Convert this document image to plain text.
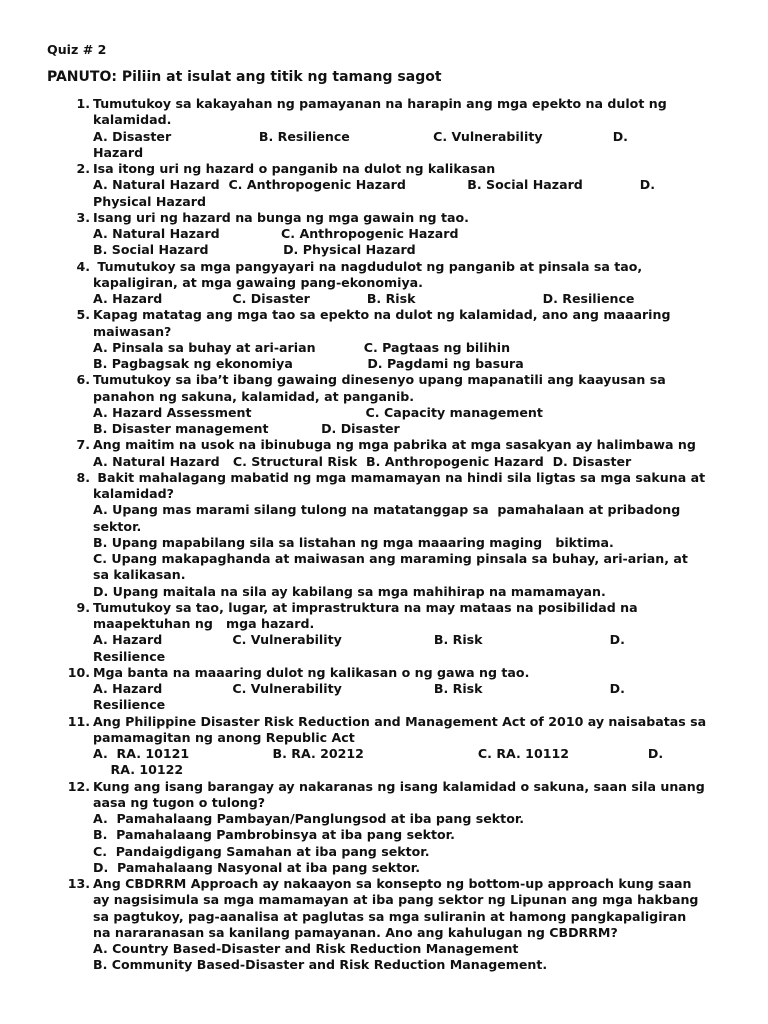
Quiz # 2
PANUTO: Piliin at isulat ang titik ng tamang sagot
1. Tumutukoy sa kakayahan ng pamayanan na harapin ang mga epekto na dulot ng
kalamidad.
A. Disaster                    B. Resilience                   C. Vulnerability                D.
Hazard
2. Isa itong uri ng hazard o panganib na dulot ng kalikasan
A. Natural Hazard  C. Anthropogenic Hazard              B. Social Hazard             D.
Physical Hazard
3. Isang uri ng hazard na bunga ng mga gawain ng tao.
A. Natural Hazard              C. Anthropogenic Hazard
B. Social Hazard                 D. Physical Hazard
4. Tumutukoy sa mga pangyayari na nagdudulot ng panganib at pinsala sa tao,
kapaligiran, at mga gawaing pang-ekonomiya.
A. Hazard                C. Disaster             B. Risk                             D. Resilience
5. Kapag matatag ang mga tao sa epekto na dulot ng kalamidad, ano ang maaaring
maiwasan?
A. Pinsala sa buhay at ari-arian           C. Pagtaas ng bilihin
B. Pagbagsak ng ekonomiya                 D. Pagdami ng basura
6. Tumutukoy sa iba’t ibang gawaing dinesenyo upang mapanatili ang kaayusan sa
panahon ng sakuna, kalamidad, at panganib.
A. Hazard Assessment                          C. Capacity management
B. Disaster management            D. Disaster
7. Ang maitim na usok na ibinubuga ng mga pabrika at mga sasakyan ay halimbawa ng
A. Natural Hazard   C. Structural Risk  B. Anthropogenic Hazard  D. Disaster
8. Bakit mahalagang mabatid ng mga mamamayan na hindi sila ligtas sa mga sakuna at
kalamidad?
A. Upang mas marami silang tulong na matatanggap sa  pamahalaan at pribadong
sektor.
B. Upang mapabilang sila sa listahan ng mga maaaring maging   biktima.
C. Upang makapaghanda at maiwasan ang maraming pinsala sa buhay, ari-arian, at
sa kalikasan.
D. Upang maitala na sila ay kabilang sa mga mahihirap na mamamayan.
9. Tumutukoy sa tao, lugar, at imprastruktura na may mataas na posibilidad na
maapektuhan ng   mga hazard.
A. Hazard                C. Vulnerability                     B. Risk                             D.
Resilience
10. Mga banta na maaaring dulot ng kalikasan o ng gawa ng tao.
A. Hazard                C. Vulnerability                     B. Risk                             D.
Resilience
11. Ang Philippine Disaster Risk Reduction and Management Act of 2010 ay naisabatas sa
pamamagitan ng anong Republic Act
A.  RA. 10121                   B. RA. 20212                          C. RA. 10112                  D.
RA. 10122
12. Kung ang isang barangay ay nakaranas ng isang kalamidad o sakuna, saan sila unang
aasa ng tugon o tulong?
A.  Pamahalaang Pambayan/Panglungsod at iba pang sektor.
B.  Pamahalaang Pambrobinsya at iba pang sektor.
C.  Pandaigdigang Samahan at iba pang sektor.
D.  Pamahalaang Nasyonal at iba pang sektor.
13. Ang CBDRRM Approach ay nakaayon sa konsepto ng bottom-up approach kung saan
ay nagsisimula sa mga mamamayan at iba pang sektor ng Lipunan ang mga hakbang
sa pagtukoy, pag-aanalisa at paglutas sa mga suliranin at hamong pangkapaligiran
na nararanasan sa kanilang pamayanan. Ano ang kahulugan ng CBDRRM?
A. Country Based-Disaster and Risk Reduction Management
B. Community Based-Disaster and Risk Reduction Management.
